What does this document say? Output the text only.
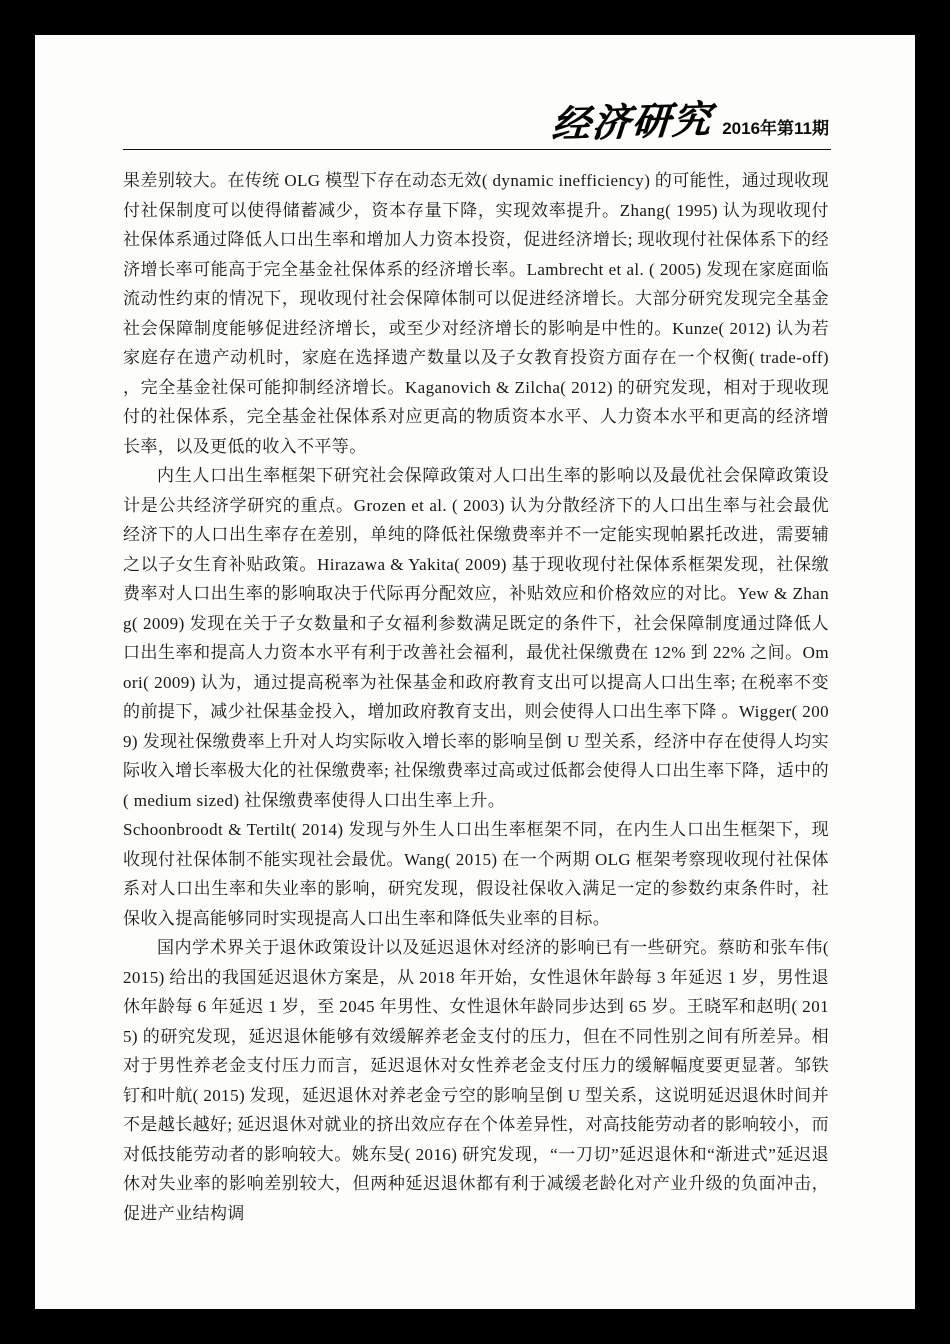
经济研究 2016年第11期

果差别较大。在传统 OLG 模型下存在动态无效( dynamic inefficiency) 的可能性，通过现收现付社保制度可以使得储蓄减少，资本存量下降，实现效率提升。Zhang( 1995) 认为现收现付社保体系通过降低人口出生率和增加人力资本投资，促进经济增长; 现收现付社保体系下的经济增长率可能高于完全基金社保体系的经济增长率。Lambrecht et al. ( 2005) 发现在家庭面临流动性约束的情况下，现收现付社会保障体制可以促进经济增长。大部分研究发现完全基金社会保障制度能够促进经济增长，或至少对经济增长的影响是中性的。Kunze( 2012) 认为若家庭存在遗产动机时，家庭在选择遗产数量以及子女教育投资方面存在一个权衡( trade-off) ，完全基金社保可能抑制经济增长。Kaganovich & Zilcha( 2012) 的研究发现，相对于现收现付的社保体系，完全基金社保体系对应更高的物质资本水平、人力资本水平和更高的经济增长率，以及更低的收入不平等。

内生人口出生率框架下研究社会保障政策对人口出生率的影响以及最优社会保障政策设计是公共经济学研究的重点。Grozen et al. ( 2003) 认为分散经济下的人口出生率与社会最优经济下的人口出生率存在差别，单纯的降低社保缴费率并不一定能实现帕累托改进，需要辅之以子女生育补贴政策。Hirazawa & Yakita( 2009) 基于现收现付社保体系框架发现，社保缴费率对人口出生率的影响取决于代际再分配效应，补贴效应和价格效应的对比。Yew & Zhang( 2009) 发现在关于子女数量和子女福利参数满足既定的条件下，社会保障制度通过降低人口出生率和提高人力资本水平有利于改善社会福利，最优社保缴费在 12% 到 22% 之间。Omori( 2009) 认为，通过提高税率为社保基金和政府教育支出可以提高人口出生率; 在税率不变的前提下，减少社保基金投入，增加政府教育支出，则会使得人口出生率下降 。Wigger( 2009) 发现社保缴费率上升对人均实际收入增长率的影响呈倒 U 型关系，经济中存在使得人均实际收入增长率极大化的社保缴费率; 社保缴费率过高或过低都会使得人口出生率下降，适中的 ( medium sized) 社保缴费率使得人口出生率上升。

Schoonbroodt & Tertilt( 2014) 发现与外生人口出生率框架不同，在内生人口出生框架下，现收现付社保体制不能实现社会最优。Wang( 2015) 在一个两期 OLG 框架考察现收现付社保体系对人口出生率和失业率的影响，研究发现，假设社保收入满足一定的参数约束条件时，社保收入提高能够同时实现提高人口出生率和降低失业率的目标。

国内学术界关于退休政策设计以及延迟退休对经济的影响已有一些研究。蔡昉和张车伟( 2015) 给出的我国延迟退休方案是，从 2018 年开始，女性退休年龄每 3 年延迟 1 岁，男性退休年龄每 6 年延迟 1 岁，至 2045 年男性、女性退休年龄同步达到 65 岁。王晓军和赵明( 2015) 的研究发现，延迟退休能够有效缓解养老金支付的压力，但在不同性别之间有所差异。相对于男性养老金支付压力而言，延迟退休对女性养老金支付压力的缓解幅度要更显著。邹铁钉和叶航( 2015) 发现，延迟退休对养老金亏空的影响呈倒 U 型关系，这说明延迟退休时间并不是越长越好; 延迟退休对就业的挤出效应存在个体差异性，对高技能劳动者的影响较小，而对低技能劳动者的影响较大。姚东旻( 2016) 研究发现，“一刀切”延迟退休和“渐进式”延迟退休对失业率的影响差别较大，但两种延迟退休都有利于减缓老龄化对产业升级的负面冲击，促进产业结构调
